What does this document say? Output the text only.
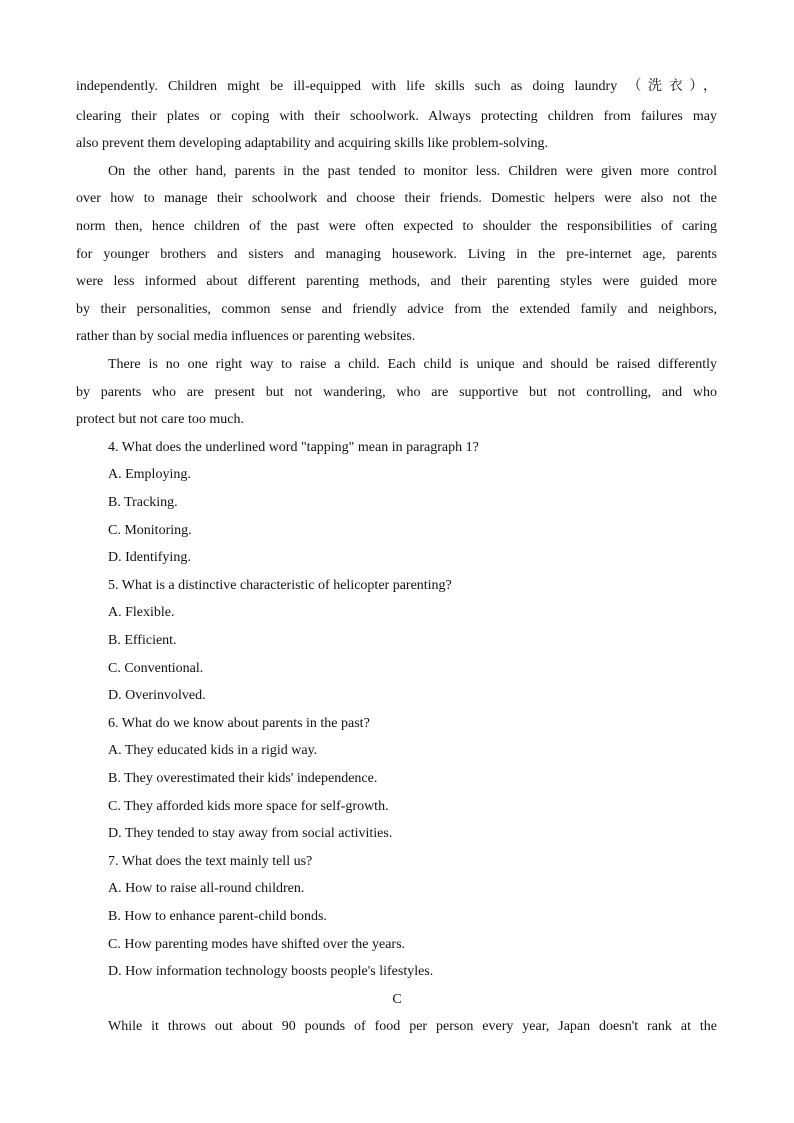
independently. Children might be ill-equipped with life skills such as doing laundry （洗衣），
clearing their plates or coping with their schoolwork. Always protecting children from failures may
also prevent them developing adaptability and acquiring skills like problem-solving.
On the other hand, parents in the past tended to monitor less. Children were given more control
over how to manage their schoolwork and choose their friends. Domestic helpers were also not the
norm then, hence children of the past were often expected to shoulder the responsibilities of caring
for younger brothers and sisters and managing housework. Living in the pre-internet age, parents
were less informed about different parenting methods, and their parenting styles were guided more
by their personalities, common sense and friendly advice from the extended family and neighbors,
rather than by social media influences or parenting websites.
There is no one right way to raise a child. Each child is unique and should be raised differently
by parents who are present but not wandering, who are supportive but not controlling, and who
protect but not care too much.
4. What does the underlined word "tapping" mean in paragraph 1?
A. Employing.
B. Tracking.
C. Monitoring.
D. Identifying.
5. What is a distinctive characteristic of helicopter parenting?
A. Flexible.
B. Efficient.
C. Conventional.
D. Overinvolved.
6. What do we know about parents in the past?
A. They educated kids in a rigid way.
B. They overestimated their kids' independence.
C. They afforded kids more space for self-growth.
D. They tended to stay away from social activities.
7. What does the text mainly tell us?
A. How to raise all-round children.
B. How to enhance parent-child bonds.
C. How parenting modes have shifted over the years.
D. How information technology boosts people's lifestyles.
C
While it throws out about 90 pounds of food per person every year, Japan doesn't rank at the
